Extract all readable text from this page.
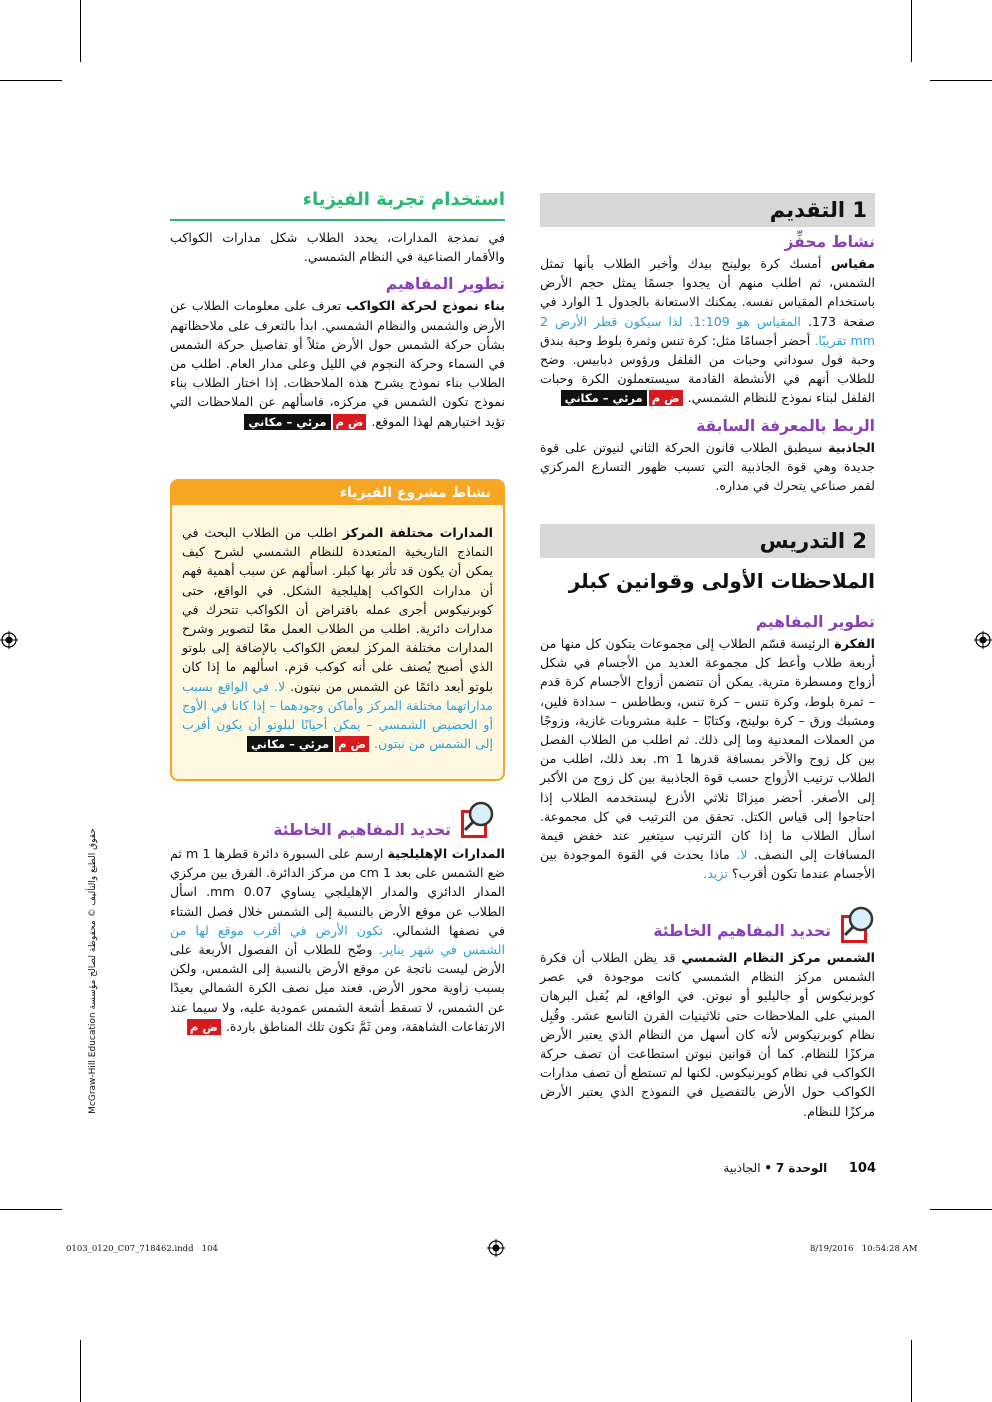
1 التقديم
نشاط محفِّز

مقياس أمسك كرة بولينج بيدك وأخبر الطلاب بأنها تمثل الشمس، ثم اطلب منهم أن يجدوا جسمًا يمثل حجم الأرض باستخدام المقياس نفسه. يمكنك الاستعانة بالجدول 1 الوارد في صفحة 173. المقياس هو 1:109. لذا سيكون قطر الأرض 2 mm تقريبًا. أحضر أجسامًا مثل: كرة تنس وثمرة بلوط وحبة بندق وحبة فول سوداني وحبات من الفلفل ورؤوس دبابيس. وضح للطلاب أنهم في الأنشطة القادمة سيستعملون الكرة وحبات الفلفل لبناء نموذج للنظام الشمسي. ض ممرئي – مكاني

الربط بالمعرفة السابقة

الجاذبية سيطبق الطلاب قانون الحركة الثاني لنيوتن على قوة جديدة وهي قوة الجاذبية التي تسبب ظهور التسارع المركزي لقمر صناعي يتحرك في مداره.

2 التدريس
الملاحظات الأولى وقوانين كبلر
تطوير المفاهيم

الفكرة الرئيسة قسّم الطلاب إلى مجموعات يتكون كل منها من أربعة طلاب وأعط كل مجموعة العديد من الأجسام في شكل أزواج ومسطرة مترية. يمكن أن تتضمن أزواج الأجسام كرة قدم – ثمرة بلوط، وكرة تنس – كرة تنس، وبطاطس – سدادة فلين، ومشبك ورق – كرة بولينج، وكتابًا – علبة مشروبات غازية، وزوجًا من العملات المعدنية وما إلى ذلك. ثم اطلب من الطلاب الفصل بين كل زوج والآخر بمسافة قدرها 1 m. بعد ذلك، اطلب من الطلاب ترتيب الأزواج حسب قوة الجاذبية بين كل زوج من الأكبر إلى الأصغر. أحضر ميزانًا ثلاثي الأذرع ليستخدمه الطلاب إذا احتاجوا إلى قياس الكتل. تحقق من الترتيب في كل مجموعة. اسأل الطلاب ما إذا كان الترتيب سيتغير عند خفض قيمة المسافات إلى النصف. لا. ماذا يحدث في القوة الموجودة بين الأجسام عندما تكون أقرب؟ تزيد.

تحديد المفاهيم الخاطئة

الشمس مركز النظام الشمسي قد يظن الطلاب أن فكرة الشمس مركز النظام الشمسي كانت موجودة في عصر كوبرنيكوس أو جاليليو أو نيوتن. في الواقع، لم يُقبل البرهان المبني على الملاحظات حتى ثلاثينيات القرن التاسع عشر. وقُبِل نظام كوبرنيكوس لأنه كان أسهل من النظام الذي يعتبر الأرض مركزًا للنظام. كما أن قوانين نيوتن استطاعت أن تصف حركة الكواكب في نظام كوبرنيكوس. لكنها لم تستطع أن تصف مدارات الكواكب حول الأرض بالتفصيل في النموذج الذي يعتبر الأرض مركزًا للنظام.

استخدام تجربة الفيزياء

في نمذجة المدارات، يحدد الطلاب شكل مدارات الكواكب والأقمار الصناعية في النظام الشمسي.

تطوير المفاهيم

بناء نموذج لحركة الكواكب تعرف على معلومات الطلاب عن الأرض والشمس والنظام الشمسي. ابدأ بالتعرف على ملاحظاتهم بشأن حركة الشمس حول الأرض مثلاً أو تفاصيل حركة الشمس في السماء وحركة النجوم في الليل وعلى مدار العام. اطلب من الطلاب بناء نموذج يشرح هذه الملاحظات. إذا اختار الطلاب بناء نموذج تكون الشمس في مركزه، فاسألهم عن الملاحظات التي تؤيد اختيارهم لهذا الموقع. ض ممرئي – مكاني

نشاط مشروع الفيزياء

المدارات مختلفة المركز اطلب من الطلاب البحث في النماذج التاريخية المتعددة للنظام الشمسي لشرح كيف يمكن أن يكون قد تأثر بها كبلر. اسألهم عن سبب أهمية فهم أن مدارات الكواكب إهليلجية الشكل. في الواقع، حتى كوبرنيكوس أجرى عمله بافتراض أن الكواكب تتحرك في مدارات دائرية. اطلب من الطلاب العمل معًا لتصوير وشرح المدارات مختلفة المركز لبعض الكواكب بالإضافة إلى بلوتو الذي أصبح يُصنف على أنه كوكب قزم. اسألهم ما إذا كان بلوتو أبعد دائمًا عن الشمس من نبتون. لا. في الواقع بسبب مداراتهما مختلفة المركز وأماكن وجودهما – إذا كانا في الأوج أو الحضيض الشمسي – يمكن أحيانًا لبلوتو أن يكون أقرب إلى الشمس من نبتون. ض ممرئي – مكاني

تحديد المفاهيم الخاطئة

المدارات الإهليلجية ارسم على السبورة دائرة قطرها 1 m ثم ضع الشمس على بعد 1 cm من مركز الدائرة. الفرق بين مركزي المدار الدائري والمدار الإهليلجي يساوي 0.07 mm. اسأل الطلاب عن موقع الأرض بالنسبة إلى الشمس خلال فصل الشتاء في نصفها الشمالي. تكون الأرض في أقرب موقع لها من الشمس في شهر يناير. وضّح للطلاب أن الفصول الأربعة على الأرض ليست ناتجة عن موقع الأرض بالنسبة إلى الشمس، ولكن بسبب زاوية محور الأرض. فعند ميل نصف الكرة الشمالي بعيدًا عن الشمس، لا تسقط أشعة الشمس عمودية عليه، ولا سيما عند الارتفاعات الشاهقة، ومن ثَمَّ تكون تلك المناطق باردة. ض م

حقوق الطبع والتأليف © محفوظة لصالح مؤسسة McGraw-Hill Education
104  الوحدة 7 • الجاذبية
0103_0120_C07_718462.indd   104	8/19/2016   10:54:28 AM
